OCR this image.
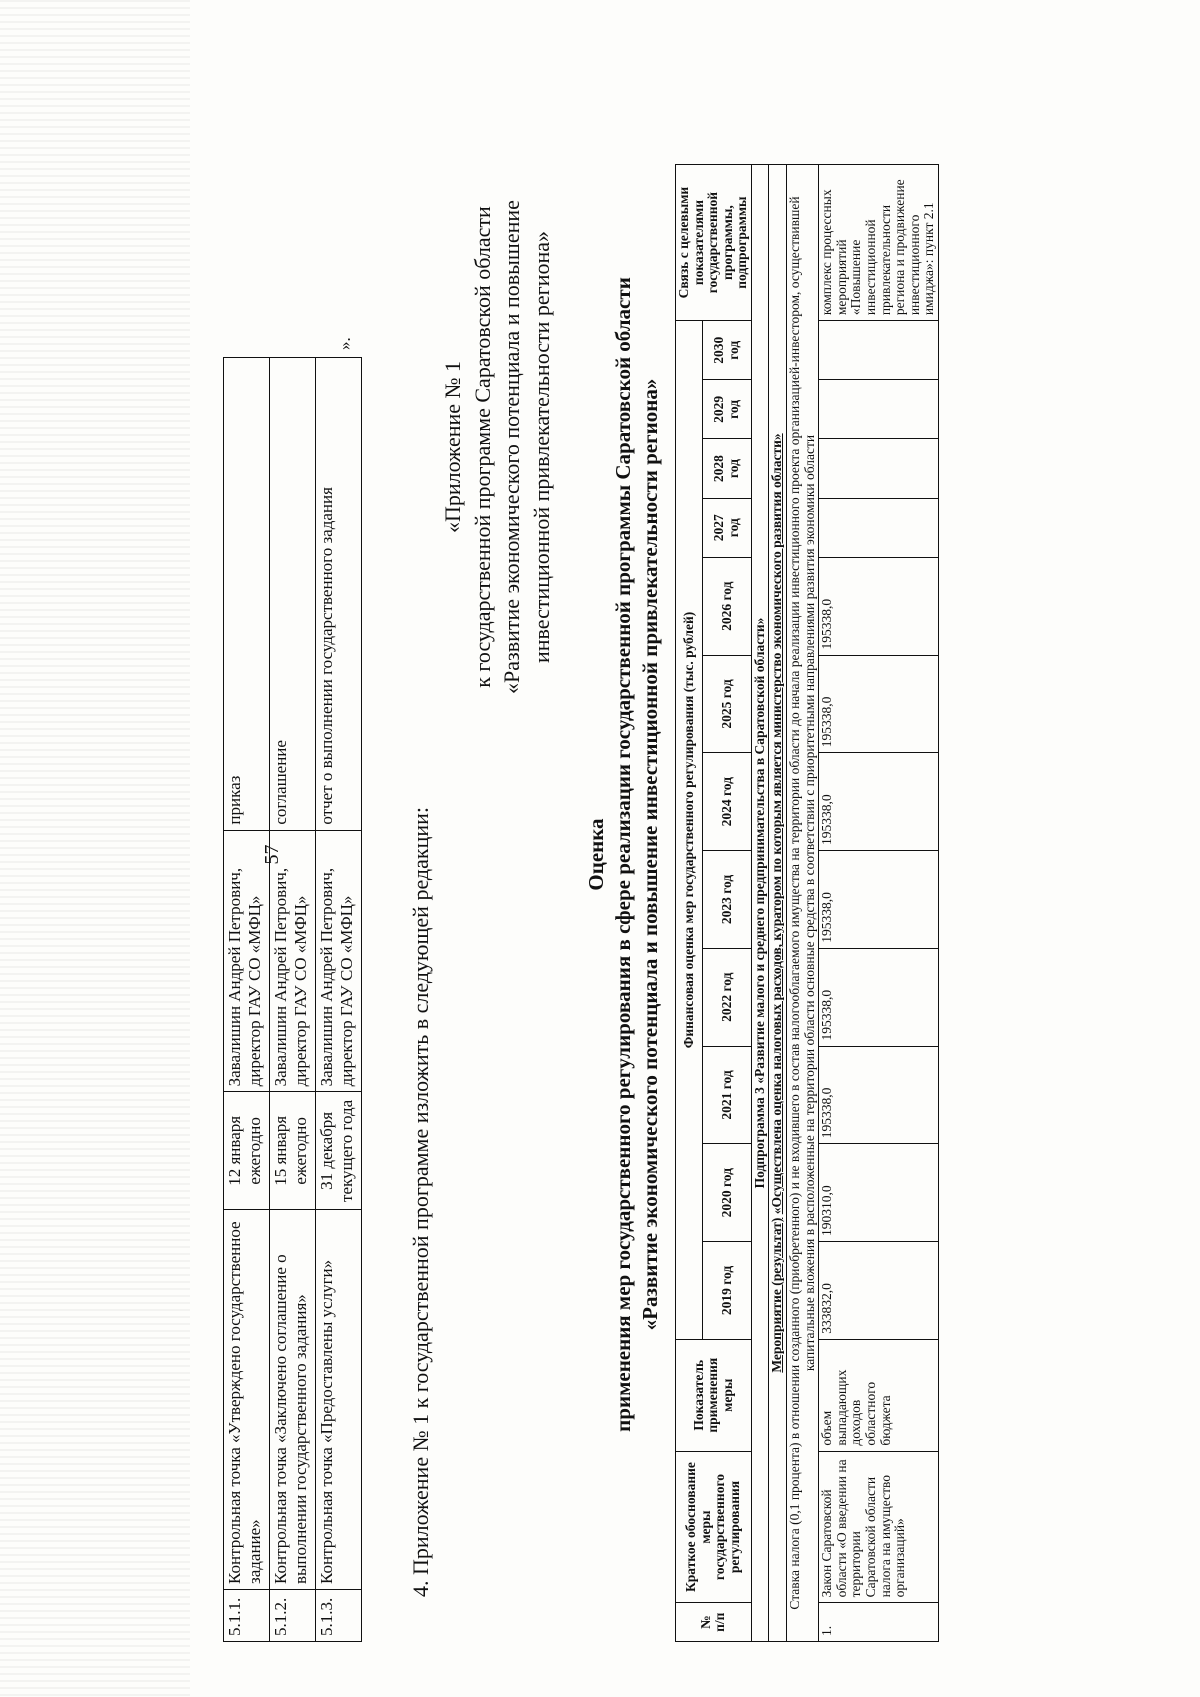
57
5.1.1.	Контрольная точка «Утверждено государственное задание»	12 января ежегодно	Завалишин Андрей Петрович, директор ГАУ СО «МФЦ»	приказ
5.1.2.	Контрольная точка «Заключено соглашение о выполнении государственного задания»	15 января ежегодно	Завалишин Андрей Петрович, директор ГАУ СО «МФЦ»	соглашение
5.1.3.	Контрольная точка «Предоставлены услуги»	31 декабря текущего года	Завалишин Андрей Петрович, директор ГАУ СО «МФЦ»	отчет о выполнении государственного задания
».
4. Приложение № 1 к государственной программе изложить в следующей редакции:
«Приложение № 1 к государственной программе Саратовской области «Развитие экономического потенциала и повышение инвестиционной привлекательности региона»
Оценка применения мер государственного регулирования в сфере реализации государственной программы Саратовской области «Развитие экономического потенциала и повышение инвестиционной привлекательности региона»
№ п/п	Краткое обоснование меры государственного регулирования	Показатель применения меры	Финансовая оценка мер государственного регулирования (тыс. рублей)												Связь с целевыми показателями государственной программы, подпрограммы
			2019 год	2020 год	2021 год	2022 год	2023 год	2024 год	2025 год	2026 год	2027 год	2028 год	2029 год	2030 год	
Подпрограмма 3 «Развитие малого и среднего предпринимательства в Саратовской области»															
Мероприятие (результат) «Осуществлена оценка налоговых расходов, куратором по которым является министерство экономического развития области»															
Ставка налога (0,1 процента) в отношении созданного (приобретенного) и не входившего в состав налогооблагаемого имущества на территории области до начала реализации инвестиционного проекта организацией-инвестором, осуществившей капитальные вложения в расположенные на территории области основные средства в соответствии с приоритетными направлениями развития экономики области															
1.	Закон Саратовской области «О введении на территории Саратовской области налога на имущество организаций»	объем выпадающих доходов областного бюджета	333832,0	190310,0	195338,0	195338,0	195338,0	195338,0	195338,0	195338,0					комплекс процессных мероприятий «Повышение инвестиционной привлекательности региона и продвижение инвестиционного имиджа»: пункт 2.1
